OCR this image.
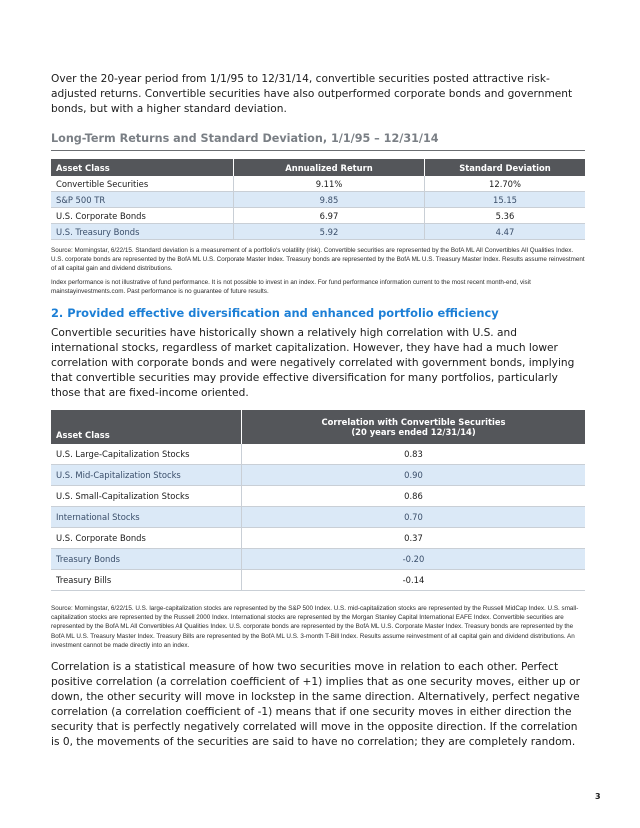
Over the 20-year period from 1/1/95 to 12/31/14, convertible securities posted attractive risk-adjusted returns. Convertible securities have also outperformed corporate bonds and government bonds, but with a higher standard deviation.

Long-Term Returns and Standard Deviation, 1/1/95 – 12/31/14
Asset Class	Annualized Return	Standard Deviation
Convertible Securities	9.11%	12.70%
S&P 500 TR	9.85	15.15
U.S. Corporate Bonds	6.97	5.36
U.S. Treasury Bonds	5.92	4.47

Source: Morningstar, 6/22/15. Standard deviation is a measurement of a portfolio's volatility (risk). Convertible securities are represented by the BofA ML All Convertibles All Qualities Index. U.S. corporate bonds are represented by the BofA ML U.S. Corporate Master Index. Treasury bonds are represented by the BofA ML U.S. Treasury Master Index. Results assume reinvestment of all capital gain and dividend distributions.

Index performance is not illustrative of fund performance. It is not possible to invest in an index. For fund performance information current to the most recent month-end, visit mainstayinvestments.com. Past performance is no guarantee of future results.

2. Provided effective diversification and enhanced portfolio efficiency

Convertible securities have historically shown a relatively high correlation with U.S. and international stocks, regardless of market capitalization. However, they have had a much lower correlation with corporate bonds and were negatively correlated with government bonds, implying that convertible securities may provide effective diversification for many portfolios, particularly those that are fixed-income oriented.

Asset Class	Correlation with Convertible Securities
(20 years ended 12/31/14)

U.S. Large-Capitalization Stocks	0.83
U.S. Mid-Capitalization Stocks	0.90
U.S. Small-Capitalization Stocks	0.86
International Stocks	0.70
U.S. Corporate Bonds	0.37
Treasury Bonds	-0.20
Treasury Bills	-0.14

Source: Morningstar, 6/22/15. U.S. large-capitalization stocks are represented by the S&P 500 Index. U.S. mid-capitalization stocks are represented by the Russell MidCap Index. U.S. small-capitalization stocks are represented by the Russell 2000 Index. International stocks are represented by the Morgan Stanley Capital International EAFE Index. Convertible securities are represented by the BofA ML All Convertibles All Qualities Index. U.S. corporate bonds are represented by the BofA ML U.S. Corporate Master Index. Treasury bonds are represented by the BofA ML U.S. Treasury Master Index. Treasury Bills are represented by the BofA ML U.S. 3-month T-Bill Index. Results assume reinvestment of all capital gain and dividend distributions. An investment cannot be made directly into an index.

Correlation is a statistical measure of how two securities move in relation to each other. Perfect positive correlation (a correlation coefficient of +1) implies that as one security moves, either up or down, the other security will move in lockstep in the same direction. Alternatively, perfect negative correlation (a correlation coefficient of -1) means that if one security moves in either direction the security that is perfectly negatively correlated will move in the opposite direction. If the correlation is 0, the movements of the securities are said to have no correlation; they are completely random.

3
